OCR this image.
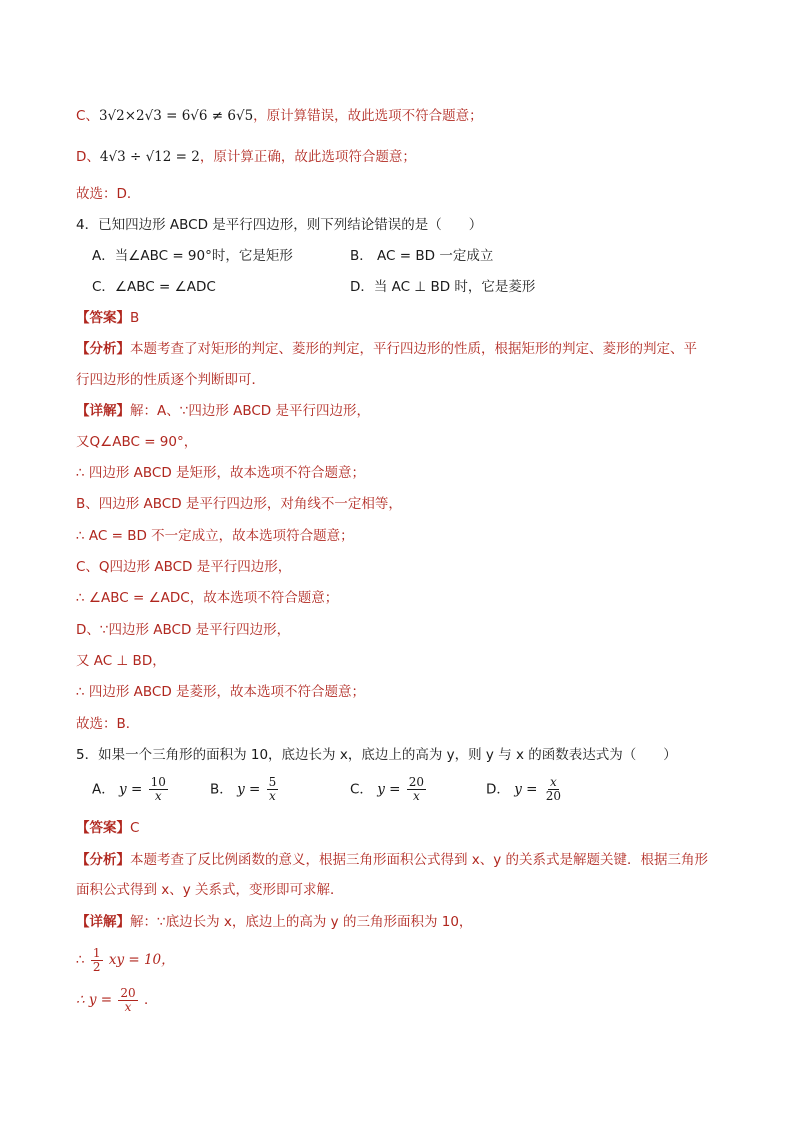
C、3√2×2√3 = 6√6 ≠ 6√5，原计算错误，故此选项不符合题意；
D、4√3 ÷ √12 = 2，原计算正确，故此选项符合题意；
故选：D．
4．已知四边形 ABCD 是平行四边形，则下列结论错误的是（　　）
A．当∠ABC = 90°时，它是矩形	B． AC = BD 一定成立
C．∠ABC = ∠ADC	D．当 AC ⊥ BD 时，它是菱形
【答案】B
【分析】本题考查了对矩形的判定、菱形的判定，平行四边形的性质，根据矩形的判定、菱形的判定、平
行四边形的性质逐个判断即可．
【详解】解：A、∵四边形 ABCD 是平行四边形，
又Q∠ABC = 90°，
∴ 四边形 ABCD 是矩形，故本选项不符合题意；
B、四边形 ABCD 是平行四边形，对角线不一定相等，
∴ AC = BD 不一定成立，故本选项符合题意；
C、Q四边形 ABCD 是平行四边形，
∴ ∠ABC = ∠ADC，故本选项不符合题意；
D、∵四边形 ABCD 是平行四边形，
又 AC ⊥ BD，
∴ 四边形 ABCD 是菱形，故本选项不符合题意；
故选：B．
5．如果一个三角形的面积为 10，底边长为 x，底边上的高为 y，则 y 与 x 的函数表达式为（　　）
A． $y = \frac{10}{x}$	B． $y = \frac{5}{x}$	C． $y = \frac{20}{x}$	D． $y = \frac{x}{20}$
【答案】C
【分析】本题考查了反比例函数的意义，根据三角形面积公式得到 x、y 的关系式是解题关键．根据三角形
面积公式得到 x、y 关系式，变形即可求解．
【详解】解：∵底边长为 x，底边上的高为 y 的三角形面积为 10，
∴ $\frac{1}{2}$ xy = 10，
∴ $y = \frac{20}{x}$ ．
